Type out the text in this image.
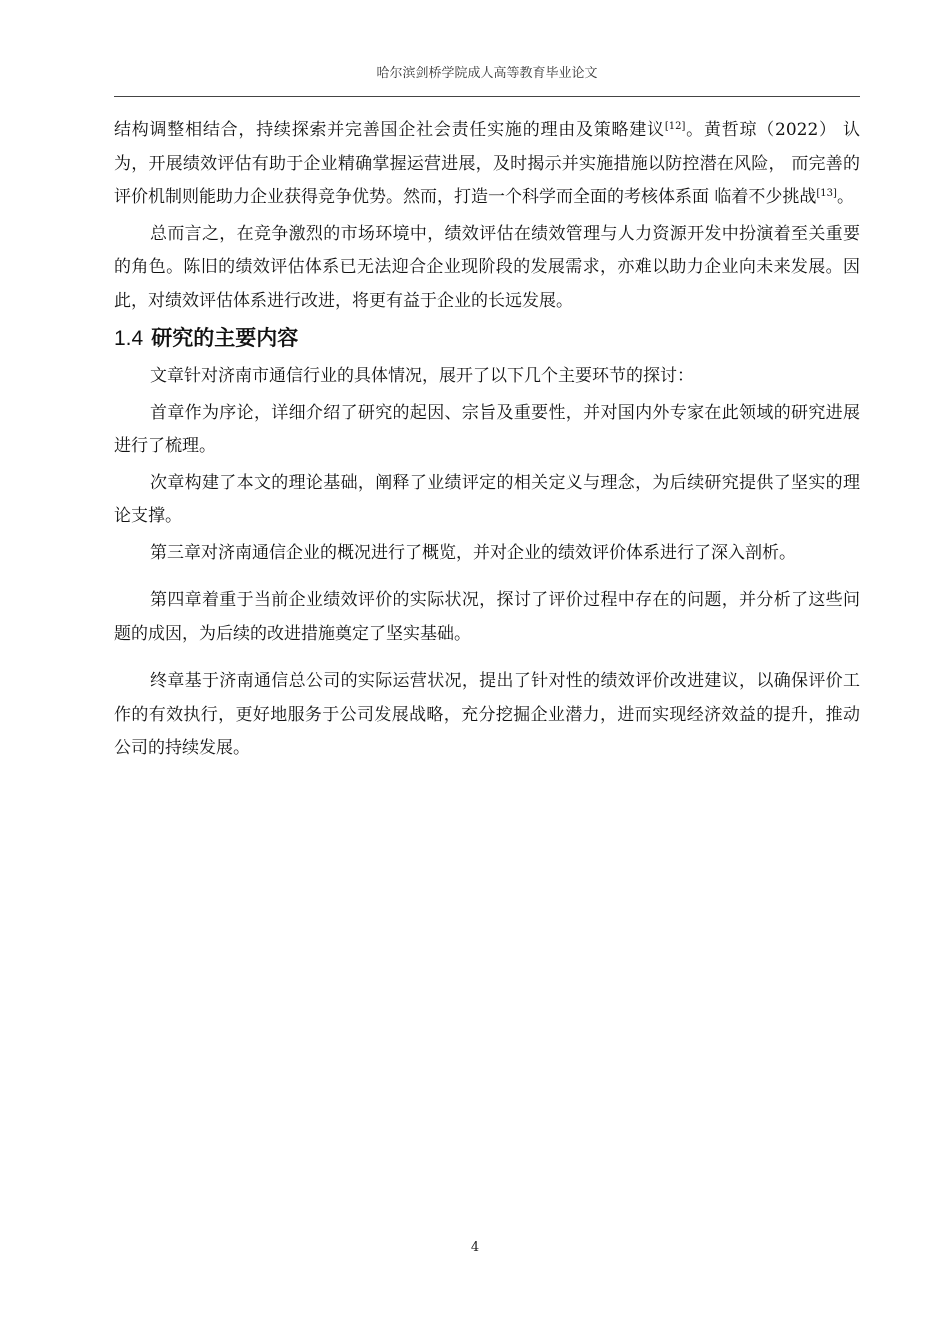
哈尔滨剑桥学院成人高等教育毕业论文

结构调整相结合，持续探索并完善国企社会责任实施的理由及策略建议[12]。黄哲琼（2022） 认为，开展绩效评估有助于企业精确掌握运营进展，及时揭示并实施措施以防控潜在风险， 而完善的评价机制则能助力企业获得竞争优势。然而，打造一个科学而全面的考核体系面 临着不少挑战[13]。

总而言之，在竞争激烈的市场环境中，绩效评估在绩效管理与人力资源开发中扮演着至关重要的角色。陈旧的绩效评估体系已无法迎合企业现阶段的发展需求，亦难以助力企业向未来发展。因此，对绩效评估体系进行改进，将更有益于企业的长远发展。

1.4 研究的主要内容

文章针对济南市通信行业的具体情况，展开了以下几个主要环节的探讨：

首章作为序论，详细介绍了研究的起因、宗旨及重要性，并对国内外专家在此领域的研究进展进行了梳理。

次章构建了本文的理论基础，阐释了业绩评定的相关定义与理念，为后续研究提供了坚实的理论支撑。

第三章对济南通信企业的概况进行了概览，并对企业的绩效评价体系进行了深入剖析。

第四章着重于当前企业绩效评价的实际状况，探讨了评价过程中存在的问题，并分析了这些问题的成因，为后续的改进措施奠定了坚实基础。

终章基于济南通信总公司的实际运营状况，提出了针对性的绩效评价改进建议，以确保评价工作的有效执行，更好地服务于公司发展战略，充分挖掘企业潜力，进而实现经济效益的提升，推动公司的持续发展。

4
